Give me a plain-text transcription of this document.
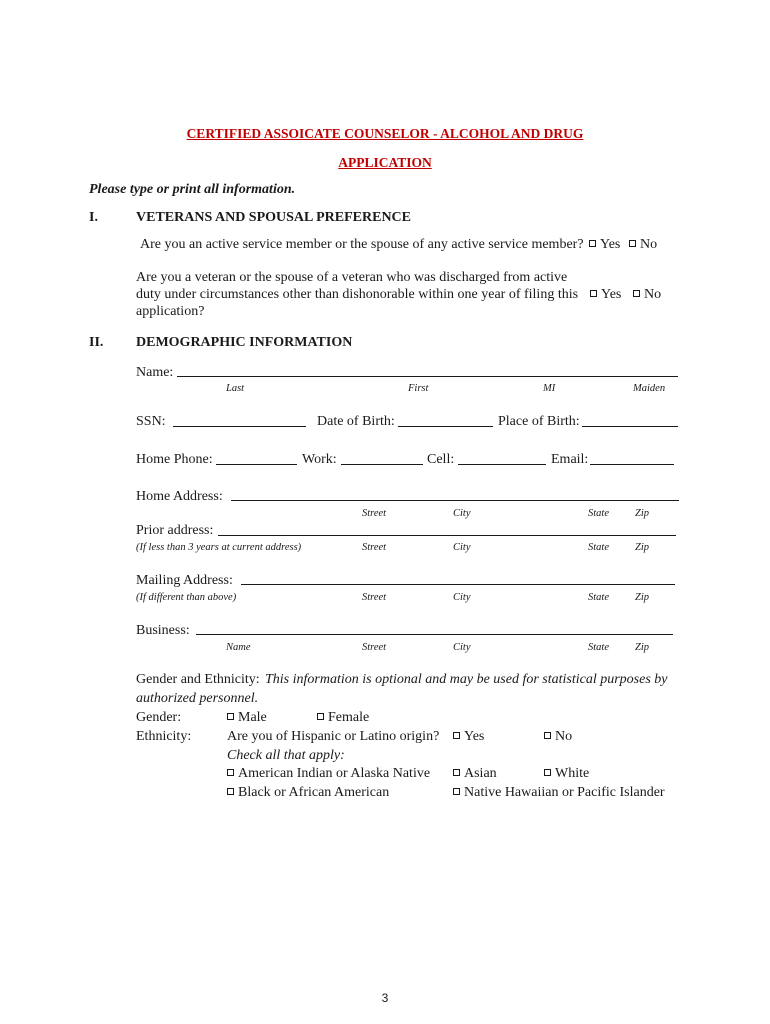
CERTIFIED ASSOICATE COUNSELOR - ALCOHOL AND DRUG
APPLICATION
Please type or print all information.
I.	VETERANS AND SPOUSAL PREFERENCE
Are you an active service member or the spouse of any active service member?	Yes	No
Are you a veteran or the spouse of a veteran who was discharged from active
duty under circumstances other than dishonorable within one year of filing this
application?
Yes	No
II. DEMOGRAPHIC INFORMATION
Name:
Last	First	MI	Maiden
SSN:	Date of Birth:	Place of Birth:
Home Phone:	Work:	Cell:	Email:
Home Address:
Street	City	State Zip
Prior address:
(If less than 3 years at current address)	Street	City	State Zip
Mailing Address:
(If different than above)	Street	City	State Zip
Business:
Name	Street	City	State Zip
Gender and Ethnicity: This information is optional and may be used for statistical purposes by
authorized personnel.
Gender:	Male	Female
Ethnicity:	Are you of Hispanic or Latino origin?	Yes	No
Check all that apply:
American Indian or Alaska Native	Asian	White
Black or African American	Native Hawaiian or Pacific Islander
3
